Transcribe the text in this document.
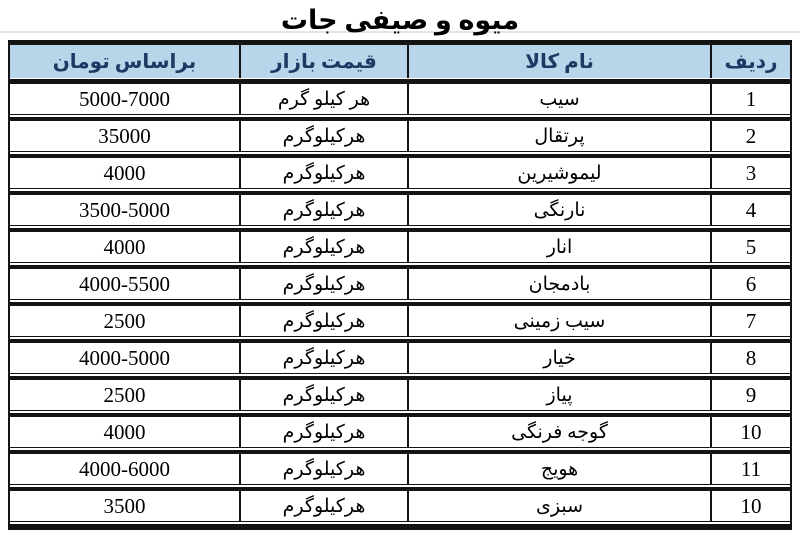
میوه و صیفی جات
ردیف
نام کالا
قیمت بازار
براساس تومان
1
سیب
هر کیلو گرم
5000-7000
2
پرتقال
هرکیلوگرم
35000
3
لیموشیرین
هرکیلوگرم
4000
4
نارنگی
هرکیلوگرم
3500-5000
5
انار
هرکیلوگرم
4000
6
بادمجان
هرکیلوگرم
4000-5500
7
سیب زمینی
هرکیلوگرم
2500
8
خیار
هرکیلوگرم
4000-5000
9
پیاز
هرکیلوگرم
2500
10
گوجه فرنگی
هرکیلوگرم
4000
11
هویج
هرکیلوگرم
4000-6000
10
سبزی
هرکیلوگرم
3500
